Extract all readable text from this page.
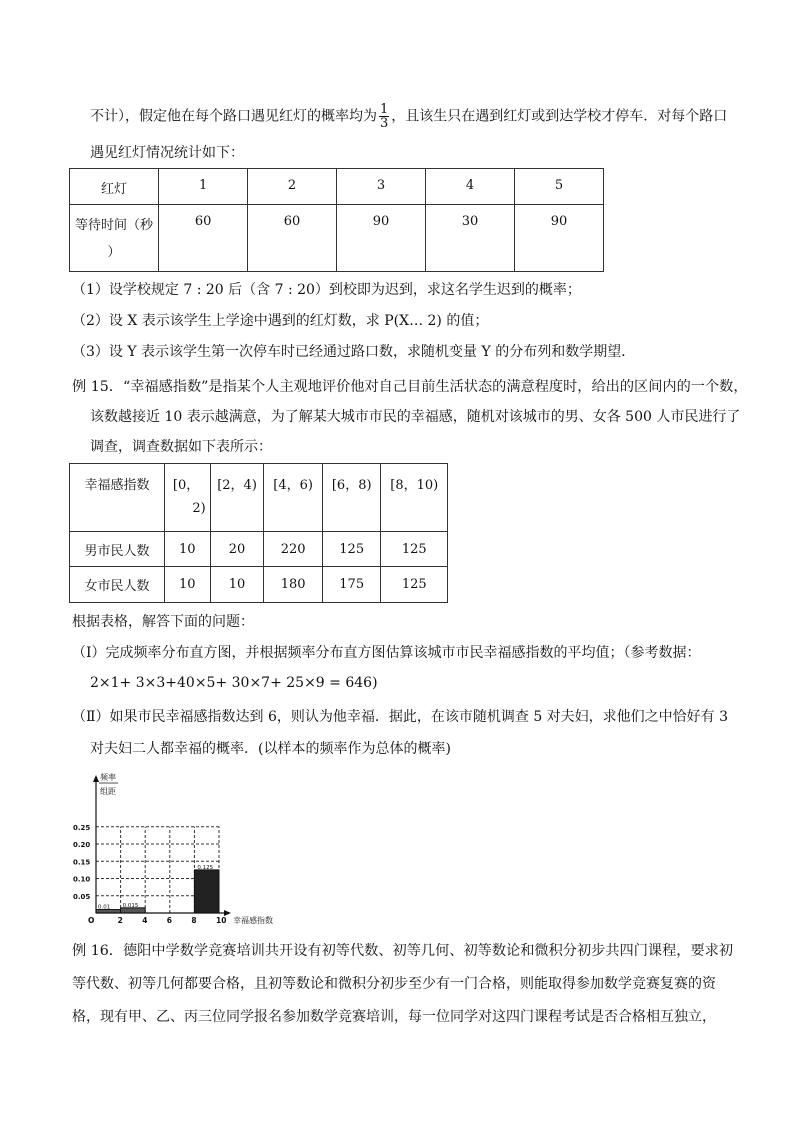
不计），假定他在每个路口遇见红灯的概率均为 $\frac{1}{3}$ ，且该生只在遇到红灯或到达学校才停车．对每个路口
遇见红灯情况统计如下：
红灯	1	2	3	4	5

等待时间（秒
）	60	60	90	30	90
（1）设学校规定 7 : 20 后（含 7 : 20）到校即为迟到，求这名学生迟到的概率；
（2）设 X 表示该学生上学途中遇到的红灯数，求 P(X… 2) 的值；
（3）设 Y 表示该学生第一次停车时已经通过路口数，求随机变量 Y 的分布列和数学期望．
例 15．“幸福感指数”是指某个人主观地评价他对自己目前生活状态的满意程度时，给出的区间内的一个数，
该数越接近 10 表示越满意，为了解某大城市市民的幸福感，随机对该城市的男、女各 500 人市民进行了
调查，调查数据如下表所示：
幸福感指数	[0，
2)	[2，4)	[4，6)	[6，8)	[8，10)
男市民人数	10	20	220	125	125
女市民人数	10	10	180	175	125
根据表格，解答下面的问题：
（Ⅰ）完成频率分布直方图，并根据频率分布直方图估算该城市市民幸福感指数的平均值；（参考数据：
2×1+ 3×3+40×5+ 30×7+ 25×9 = 646)
（Ⅱ）如果市民幸福感指数达到 6，则认为他幸福．据此，在该市随机调查 5 对夫妇，求他们之中恰好有 3
对夫妇二人都幸福的概率．(以样本的频率作为总体的概率)
0.01 0.015
0.125
频率
组距
0.25
0.20
0.15
0.10
0.05
O	2	4	6	8	10 幸福感指数
例 16．德阳中学数学竞赛培训共开设有初等代数、初等几何、初等数论和微积分初步共四门课程，要求初
等代数、初等几何都要合格，且初等数论和微积分初步至少有一门合格，则能取得参加数学竞赛复赛的资
格，现有甲、乙、丙三位同学报名参加数学竞赛培训，每一位同学对这四门课程考试是否合格相互独立，
